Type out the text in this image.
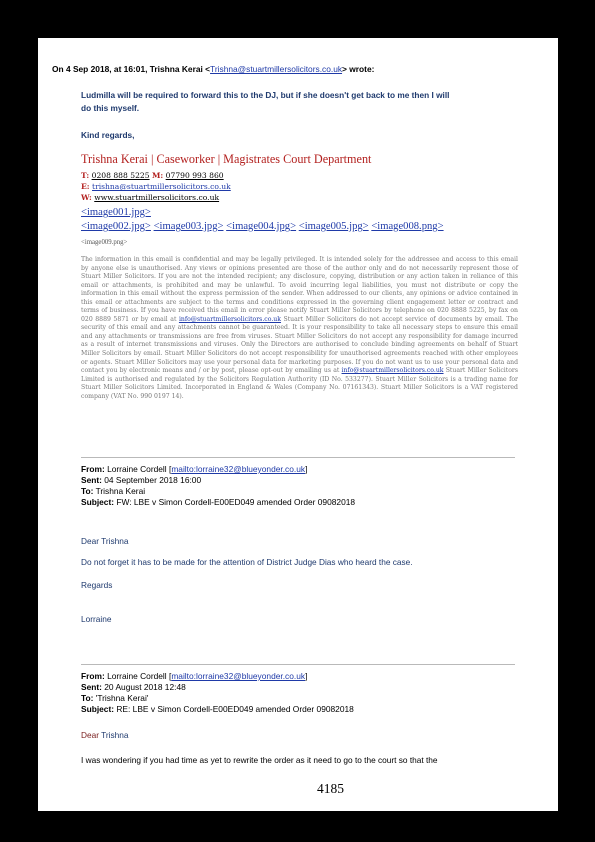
On 4 Sep 2018, at 16:01, Trishna Kerai <Trishna@stuartmillersolicitors.co.uk> wrote:
Ludmilla will be required to forward this to the DJ, but if she doesn't get back to me then I will
do this myself.
Kind regards,
Trishna Kerai | Caseworker | Magistrates Court Department
T: 0208 888 5225 M: 07790 993 860
E: trishna@stuartmillersolicitors.co.uk
W: www.stuartmillersolicitors.co.uk
<image001.jpg>
<image002.jpg> <image003.jpg> <image004.jpg> <image005.jpg> <image008.png>
<image009.png>

The information in this email is confidential and may be legally privileged. It is intended solely for the addressee and access to this email by anyone else is unauthorised. Any views or opinions presented are those of the author only and do not necessarily represent those of Stuart Miller Solicitors. If you are not the intended recipient; any disclosure, copying, distribution or any action taken in reliance of this email or attachments, is prohibited and may be unlawful. To avoid incurring legal liabilities, you must not distribute or copy the information in this email without the express permission of the sender. When addressed to our clients, any opinions or advice contained in this email or attachments are subject to the terms and conditions expressed in the governing client engagement letter or contract and terms of business. If you have received this email in error please notify Stuart Miller Solicitors by telephone on 020 8888 5225, by fax on 020 8889 5871 or by email at info@stuartmillersolicitors.co.uk Stuart Miller Solicitors do not accept service of documents by email. The security of this email and any attachments cannot be guaranteed. It is your responsibility to take all necessary steps to ensure this email and any attachments or transmissions are free from viruses. Stuart Miller Solicitors do not accept any responsibility for damage incurred as a result of internet transmissions and viruses. Only the Directors are authorised to conclude binding agreements on behalf of Stuart Miller Solicitors by email. Stuart Miller Solicitors do not accept responsibility for unauthorised agreements reached with other employees or agents. Stuart Miller Solicitors may use your personal data for marketing purposes. If you do not want us to use your personal data and contact you by electronic means and / or by post, please opt-out by emailing us at info@stuartmillersolicitors.co.uk Stuart Miller Solicitors Limited is authorised and regulated by the Solicitors Regulation Authority (ID No. 533277). Stuart Miller Solicitors is a trading name for Stuart Miller Solicitors Limited. Incorporated in England & Wales (Company No. 07161343). Stuart Miller Solicitors is a VAT registered company (VAT No. 990 0197 14).

From: Lorraine Cordell [mailto:lorraine32@blueyonder.co.uk]
Sent: 04 September 2018 16:00
To: Trishna Kerai
Subject: FW: LBE v Simon Cordell-E00ED049 amended Order 09082018
Dear Trishna
Do not forget it has to be made for the attention of District Judge Dias who heard the case.
Regards
Lorraine
From: Lorraine Cordell [mailto:lorraine32@blueyonder.co.uk]
Sent: 20 August 2018 12:48
To: 'Trishna Kerai'
Subject: RE: LBE v Simon Cordell-E00ED049 amended Order 09082018
Dear Trishna
I was wondering if you had time as yet to rewrite the order as it need to go to the court so that the
4185
